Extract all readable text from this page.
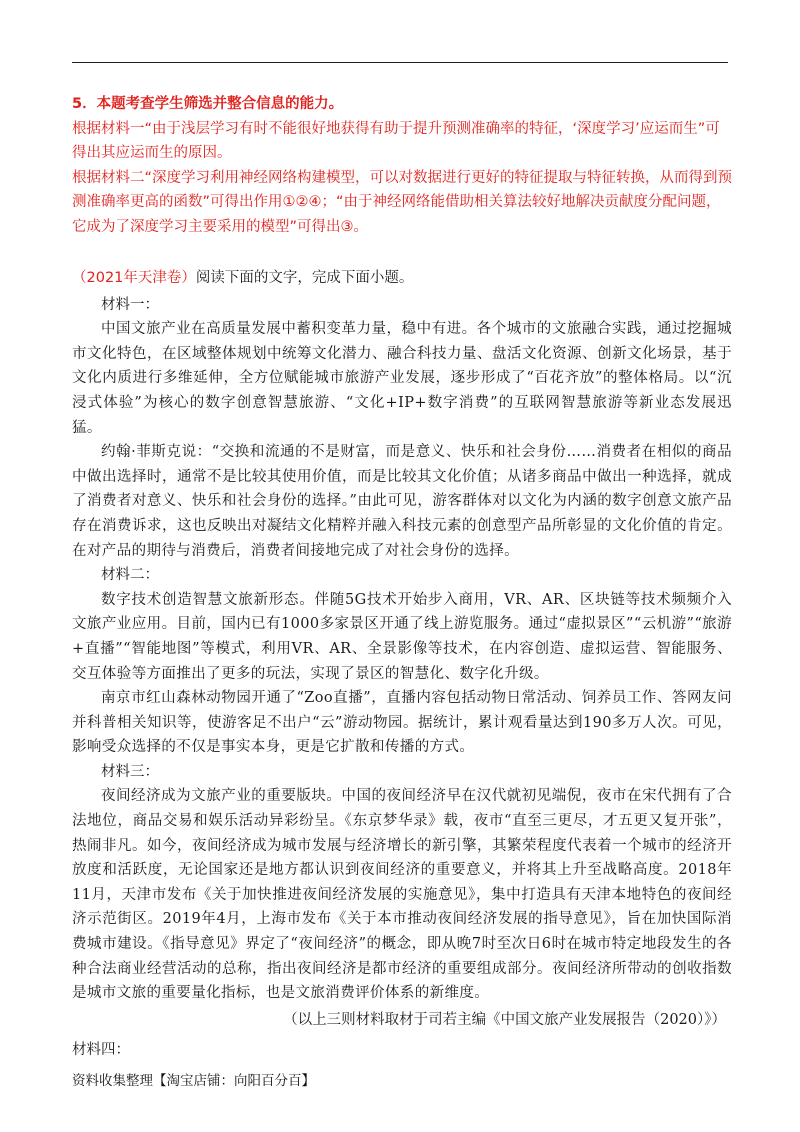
5．本题考查学生筛选并整合信息的能力。

根据材料一“由于浅层学习有时不能很好地获得有助于提升预测准确率的特征，‘深度学习’应运而生”可得出其应运而生的原因。

根据材料二“深度学习利用神经网络构建模型，可以对数据进行更好的特征提取与特征转换，从而得到预测准确率更高的函数”可得出作用①②④；“由于神经网络能借助相关算法较好地解决贡献度分配问题，它成为了深度学习主要采用的模型”可得出③。

（2021年天津卷）阅读下面的文字，完成下面小题。

材料一：

中国文旅产业在高质量发展中蓄积变革力量，稳中有进。各个城市的文旅融合实践，通过挖掘城市文化特色，在区域整体规划中统筹文化潜力、融合科技力量、盘活文化资源、创新文化场景，基于文化内质进行多维延伸，全方位赋能城市旅游产业发展，逐步形成了“百花齐放”的整体格局。以“沉浸式体验”为核心的数字创意智慧旅游、“文化+IP+数字消费”的互联网智慧旅游等新业态发展迅猛。

约翰·菲斯克说：“交换和流通的不是财富，而是意义、快乐和社会身份……消费者在相似的商品中做出选择时，通常不是比较其使用价值，而是比较其文化价值；从诸多商品中做出一种选择，就成了消费者对意义、快乐和社会身份的选择。”由此可见，游客群体对以文化为内涵的数字创意文旅产品存在消费诉求，这也反映出对凝结文化精粹并融入科技元素的创意型产品所彰显的文化价值的肯定。在对产品的期待与消费后，消费者间接地完成了对社会身份的选择。

材料二：

数字技术创造智慧文旅新形态。伴随5G技术开始步入商用，VR、AR、区块链等技术频频介入文旅产业应用。目前，国内已有1000多家景区开通了线上游览服务。通过“虚拟景区”“云机游”“旅游+直播”“智能地图”等模式，利用VR、AR、全景影像等技术，在内容创造、虚拟运营、智能服务、交互体验等方面推出了更多的玩法，实现了景区的智慧化、数字化升级。

南京市红山森林动物园开通了“Zoo直播”，直播内容包括动物日常活动、饲养员工作、答网友问并科普相关知识等，使游客足不出户“云”游动物园。据统计，累计观看量达到190多万人次。可见，影响受众选择的不仅是事实本身，更是它扩散和传播的方式。

材料三：

夜间经济成为文旅产业的重要版块。中国的夜间经济早在汉代就初见端倪，夜市在宋代拥有了合法地位，商品交易和娱乐活动异彩纷呈。《东京梦华录》载，夜市“直至三更尽，才五更又复开张”，热闹非凡。如今，夜间经济成为城市发展与经济增长的新引擎，其繁荣程度代表着一个城市的经济开放度和活跃度，无论国家还是地方都认识到夜间经济的重要意义，并将其上升至战略高度。2018年11月，天津市发布《关于加快推进夜间经济发展的实施意见》，集中打造具有天津本地特色的夜间经济示范街区。2019年4月，上海市发布《关于本市推动夜间经济发展的指导意见》，旨在加快国际消费城市建设。《指导意见》界定了“夜间经济”的概念，即从晚7时至次日6时在城市特定地段发生的各种合法商业经营活动的总称，指出夜间经济是都市经济的重要组成部分。夜间经济所带动的创收指数是城市文旅的重要量化指标，也是文旅消费评价体系的新维度。

（以上三则材料取材于司若主编《中国文旅产业发展报告（2020）》）

材料四：

资料收集整理【淘宝店铺：向阳百分百】
